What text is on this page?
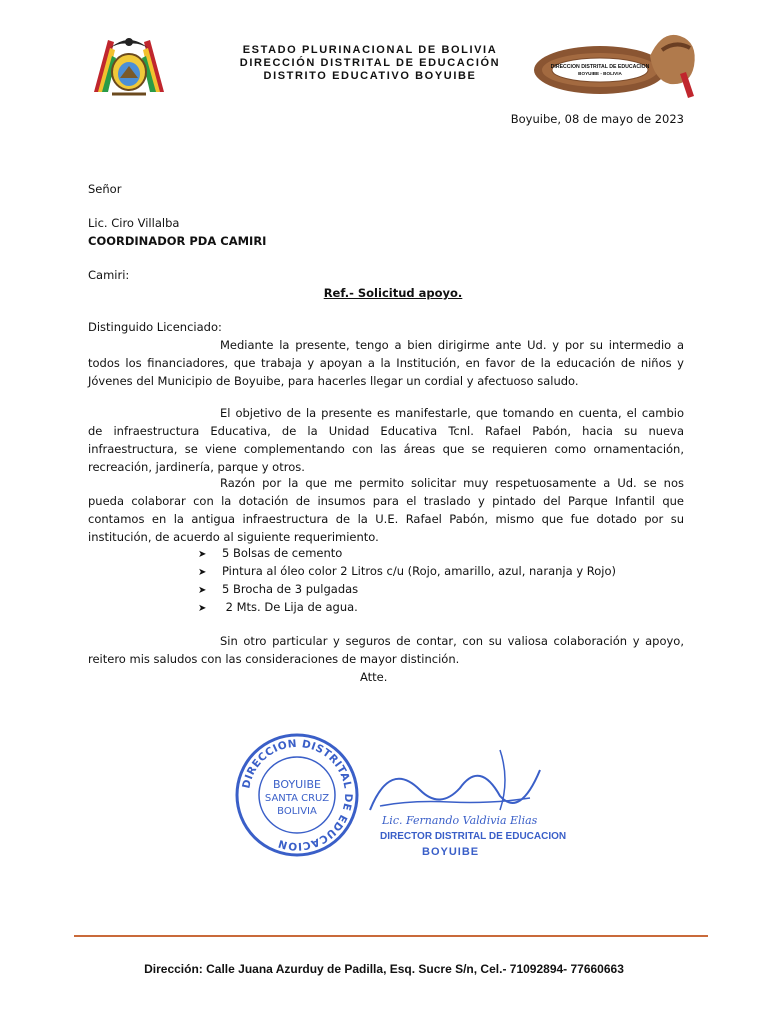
ESTADO PLURINACIONAL DE BOLIVIA
DIRECCIÓN DISTRITAL DE EDUCACIÓN
DISTRITO EDUCATIVO BOYUIBE
DIRECCION DISTRITAL DE EDUCACION
BOYUIBE - BOLIVIA
Boyuibe, 08 de mayo de 2023
Señor
Lic. Ciro Villalba
COORDINADOR PDA CAMIRI
Camiri:
Ref.- Solicitud apoyo.
Distinguido Licenciado:
Mediante la presente, tengo a bien dirigirme ante Ud. y por su intermedio a todos los financiadores, que trabaja y apoyan a la Institución, en favor de la educación de niños y Jóvenes del Municipio de Boyuibe, para hacerles llegar un cordial y afectuoso saludo.
El objetivo de la presente es manifestarle, que tomando en cuenta, el cambio de infraestructura Educativa, de la Unidad Educativa Tcnl. Rafael Pabón, hacia su nueva infraestructura, se viene complementando con las áreas que se requieren como ornamentación, recreación, jardinería, parque y otros.
Razón por la que me permito solicitar muy respetuosamente a Ud. se nos pueda colaborar con la dotación de insumos para el traslado y pintado del Parque Infantil que contamos en la antigua infraestructura de la U.E. Rafael Pabón, mismo que fue dotado por su institución, de acuerdo al siguiente requerimiento.
➤ 5 Bolsas de cemento
➤ Pintura al óleo color 2 Litros c/u (Rojo, amarillo, azul, naranja y Rojo)
➤ 5 Brocha de 3 pulgadas
➤ 2 Mts. De Lija de agua.
Sin otro particular y seguros de contar, con su valiosa colaboración y apoyo, reitero mis saludos con las consideraciones de mayor distinción.
Atte.
DIRECCION DISTRITAL DE EDUCACION
BOYUIBE
SANTA CRUZ
BOLIVIA
Lic. Fernando Valdivia Elias
DIRECTOR DISTRITAL DE EDUCACION
BOYUIBE
Dirección: Calle Juana Azurduy de Padilla, Esq. Sucre S/n, Cel.- 71092894- 77660663
